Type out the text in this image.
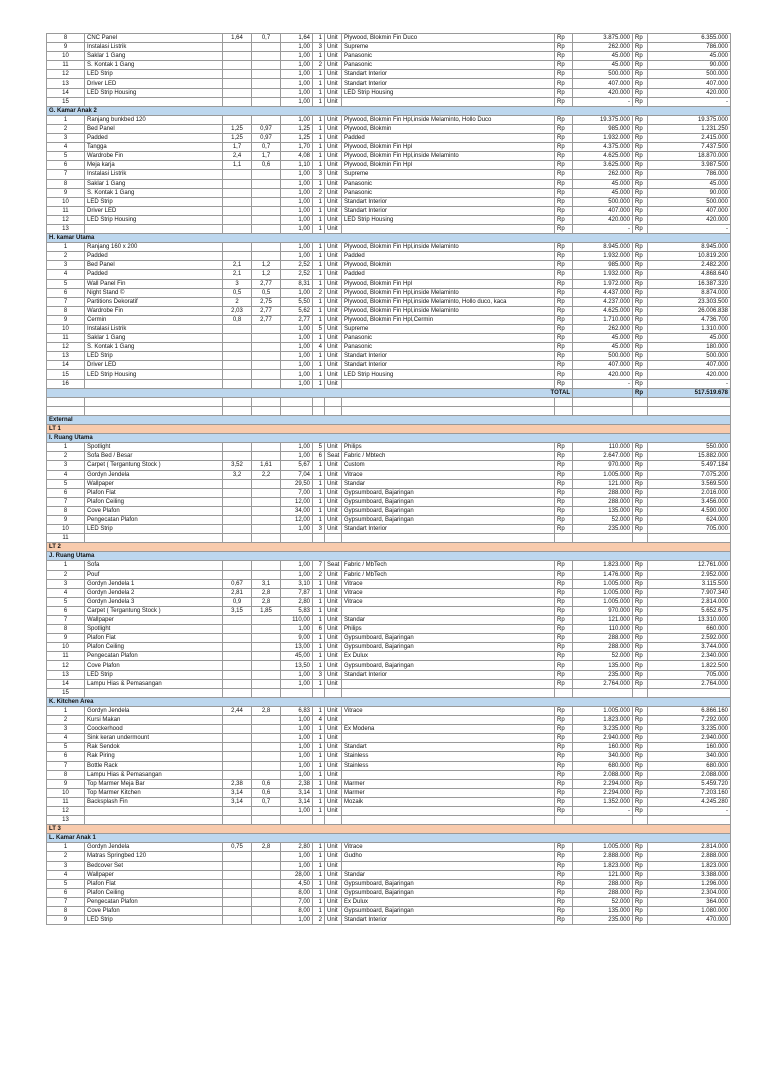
8	CNC Panel	1,64	0,7	1,64	1	Unit	Plywood, Blokmin Fin Duco	Rp	3.875.000	Rp	6.355.000
9	Instalasi Listrik			1,00	3	Unit	Supreme	Rp	262.000	Rp	786.000
10	Saklar 1 Gang			1,00	1	Unit	Panasonic	Rp	45.000	Rp	45.000
11	S. Kontak 1 Gang			1,00	2	Unit	Panasonic	Rp	45.000	Rp	90.000
12	LED Strip			1,00	1	Unit	Standart Interior	Rp	500.000	Rp	500.000
13	Driver LED			1,00	1	Unit	Standart Interior	Rp	407.000	Rp	407.000
14	LED Strip Housing			1,00	1	Unit	LED Strip Housing	Rp	420.000	Rp	420.000
15				1,00	1	Unit		Rp	-	Rp	-
G. Kamar Anak 2											
1	Ranjang bunkbed 120			1,00	1	Unit	Plywood, Blokmin Fin Hpl,inside Melaminto, Hollo Duco	Rp	19.375.000	Rp	19.375.000
2	Bed Panel	1,25	0,97	1,25	1	Unit	Plywood, Blokmin	Rp	985.000	Rp	1.231.250
3	Padded	1,25	0,97	1,25	1	Unit	Padded	Rp	1.932.000	Rp	2.415.000
4	Tangga	1,7	0,7	1,70	1	Unit	Plywood, Blokmin Fin Hpl	Rp	4.375.000	Rp	7.437.500
5	Wardrobe Fin	2,4	1,7	4,08	1	Unit	Plywood, Blokmin Fin Hpl,inside Melaminto	Rp	4.625.000	Rp	18.870.000
6	Meja karja	1,1	0,6	1,10	1	Unit	Plywood, Blokmin Fin Hpl	Rp	3.625.000	Rp	3.987.500
7	Instalasi Listrik			1,00	3	Unit	Supreme	Rp	262.000	Rp	786.000
8	Saklar 1 Gang			1,00	1	Unit	Panasonic	Rp	45.000	Rp	45.000
9	S. Kontak 1 Gang			1,00	2	Unit	Panasonic	Rp	45.000	Rp	90.000
10	LED Strip			1,00	1	Unit	Standart Interior	Rp	500.000	Rp	500.000
11	Driver LED			1,00	1	Unit	Standart Interior	Rp	407.000	Rp	407.000
12	LED Strip Housing			1,00	1	Unit	LED Strip Housing	Rp	420.000	Rp	420.000
13				1,00	1	Unit		Rp	-	Rp	-
H. kamar Utama											
1	Ranjang 160 x 200			1,00	1	Unit	Plywood, Blokmin Fin Hpl,inside Melaminto	Rp	8.945.000	Rp	8.945.000
2	Padded			1,00	1	Unit	Padded	Rp	1.932.000	Rp	10.819.200
3	Bed Panel	2,1	1,2	2,52	1	Unit	Plywood, Blokmin	Rp	985.000	Rp	2.482.200
4	Padded	2,1	1,2	2,52	1	Unit	Padded	Rp	1.932.000	Rp	4.868.640
5	Wall Panel Fin	3	2,77	8,31	1	Unit	Plywood, Blokmin Fin Hpl	Rp	1.972.000	Rp	16.387.320
6	Night Stand ©	0,5	0,5	1,00	2	Unit	Plywood, Blokmin Fin Hpl,inside Melaminto	Rp	4.437.000	Rp	8.874.000
7	Partitions Dekoratif	2	2,75	5,50	1	Unit	Plywood, Blokmin Fin Hpl,inside Melaminto, Hollo duco, kaca	Rp	4.237.000	Rp	23.303.500
8	Wardrobe Fin	2,03	2,77	5,62	1	Unit	Plywood, Blokmin Fin Hpl,inside Melaminto	Rp	4.625.000	Rp	26.006.838
9	Cermin	0,8	2,77	2,77	1	Unit	Plywood, Blokmin Fin Hpl,Cermin	Rp	1.710.000	Rp	4.736.700
10	Instalasi Listrik			1,00	5	Unit	Supreme	Rp	262.000	Rp	1.310.000
11	Saklar 1 Gang			1,00	1	Unit	Panasonic	Rp	45.000	Rp	45.000
12	S. Kontak 1 Gang			1,00	4	Unit	Panasonic	Rp	45.000	Rp	180.000
13	LED Strip			1,00	1	Unit	Standart Interior	Rp	500.000	Rp	500.000
14	Driver LED			1,00	1	Unit	Standart Interior	Rp	407.000	Rp	407.000
15	LED Strip Housing			1,00	1	Unit	LED Strip Housing	Rp	420.000	Rp	420.000
16				1,00	1	Unit		Rp	-	Rp	-
TOTAL										Rp	517.519.678

External											
LT 1											
I. Ruang Utama											
1	Spotlight			1,00	5	Unit	Philips	Rp	110.000	Rp	550.000
2	Sofa Bed / Besar			1,00	6	Seat	Fabric / Mbtech	Rp	2.647.000	Rp	15.882.000
3	Carpet ( Tergantung Stock )	3,52	1,61	5,67	1	Unit	Custom	Rp	970.000	Rp	5.497.184
4	Gordyn Jendela	3,2	2,2	7,04	1	Unit	Vitrace	Rp	1.005.000	Rp	7.075.200
5	Wallpaper			29,50	1	Unit	Standar	Rp	121.000	Rp	3.569.500
6	Plafon Flat			7,00	1	Unit	Gypsumboard, Bajaringan	Rp	288.000	Rp	2.016.000
7	Plafon Ceiling			12,00	1	Unit	Gypsumboard, Bajaringan	Rp	288.000	Rp	3.456.000
8	Cove Plafon			34,00	1	Unit	Gypsumboard, Bajaringan	Rp	135.000	Rp	4.590.000
9	Pengecatan Plafon			12,00	1	Unit	Gypsumboard, Bajaringan	Rp	52.000	Rp	624.000
10	LED Strip			1,00	3	Unit	Standart Interior	Rp	235.000	Rp	705.000
11											
LT 2											
J. Ruang Utama											
1	Sofa			1,00	7	Seat	Fabric / MbTech	Rp	1.823.000	Rp	12.761.000
2	Pouf			1,00	2	Unit	Fabric / MbTech	Rp	1.476.000	Rp	2.952.000
3	Gordyn Jendela 1	0,67	3,1	3,10	1	Unit	Vitrace	Rp	1.005.000	Rp	3.115.500
4	Gordyn Jendela 2	2,81	2,8	7,87	1	Unit	Vitrace	Rp	1.005.000	Rp	7.907.340
5	Gordyn Jendela 3	0,9	2,8	2,80	1	Unit	Vitrace	Rp	1.005.000	Rp	2.814.000
6	Carpet ( Tergantung Stock )	3,15	1,85	5,83	1	Unit		Rp	970.000	Rp	5.652.675
7	Wallpaper			110,00	1	Unit	Standar	Rp	121.000	Rp	13.310.000
8	Spotlight			1,00	6	Unit	Philips	Rp	110.000	Rp	660.000
9	Plafon Flat			9,00	1	Unit	Gypsumboard, Bajaringan	Rp	288.000	Rp	2.592.000
10	Plafon Ceiling			13,00	1	Unit	Gypsumboard, Bajaringan	Rp	288.000	Rp	3.744.000
11	Pengecatan Plafon			45,00	1	Unit	Ex Dulux	Rp	52.000	Rp	2.340.000
12	Cove Plafon			13,50	1	Unit	Gypsumboard, Bajaringan	Rp	135.000	Rp	1.822.500
13	LED Strip			1,00	3	Unit	Standart Interior	Rp	235.000	Rp	705.000
14	Lampu Hias & Pemasangan			1,00	1	Unit		Rp	2.764.000	Rp	2.764.000
15											
K. Kitchen Area											
1	Gordyn Jendela	2,44	2,8	6,83	1	Unit	Vitrace	Rp	1.005.000	Rp	6.866.160
2	Kursi Makan			1,00	4	Unit		Rp	1.823.000	Rp	7.292.000
3	Coockerhood			1,00	1	Unit	Ex Modena	Rp	3.235.000	Rp	3.235.000
4	Sink keran undermount			1,00	1	Unit		Rp	2.940.000	Rp	2.940.000
5	Rak Sendok			1,00	1	Unit	Standart	Rp	160.000	Rp	160.000
6	Rak Piring			1,00	1	Unit	Stainless	Rp	340.000	Rp	340.000
7	Bottle Rack			1,00	1	Unit	Stainless	Rp	680.000	Rp	680.000
8	Lampu Hias & Pemasangan			1,00	1	Unit		Rp	2.088.000	Rp	2.088.000
9	Top Marmer Meja Bar	2,38	0,6	2,38	1	Unit	Marmer	Rp	2.294.000	Rp	5.459.720
10	Top Marmer Kitchen	3,14	0,6	3,14	1	Unit	Marmer	Rp	2.294.000	Rp	7.203.160
11	Backsplash Fin	3,14	0,7	3,14	1	Unit	Mozaik	Rp	1.352.000	Rp	4.245.280
12				1,00	1	Unit		Rp	-	Rp	-
13											
LT 3											
L. Kamar Anak 1											
1	Gordyn Jendela	0,75	2,8	2,80	1	Unit	Vitrace	Rp	1.005.000	Rp	2.814.000
2	Matras Springbed 120			1,00	1	Unit	Gudho	Rp	2.888.000	Rp	2.888.000
3	Bedcover Set			1,00	1	Unit		Rp	1.823.000	Rp	1.823.000
4	Wallpaper			28,00	1	Unit	Standar	Rp	121.000	Rp	3.388.000
5	Plafon Flat			4,50	1	Unit	Gypsumboard, Bajaringan	Rp	288.000	Rp	1.296.000
6	Plafon Ceiling			8,00	1	Unit	Gypsumboard, Bajaringan	Rp	288.000	Rp	2.304.000
7	Pengecatan Plafon			7,00	1	Unit	Ex Dulux	Rp	52.000	Rp	364.000
8	Cove Plafon			8,00	1	Unit	Gypsumboard, Bajaringan	Rp	135.000	Rp	1.080.000
9	LED Strip			1,00	2	Unit	Standart Interior	Rp	235.000	Rp	470.000
